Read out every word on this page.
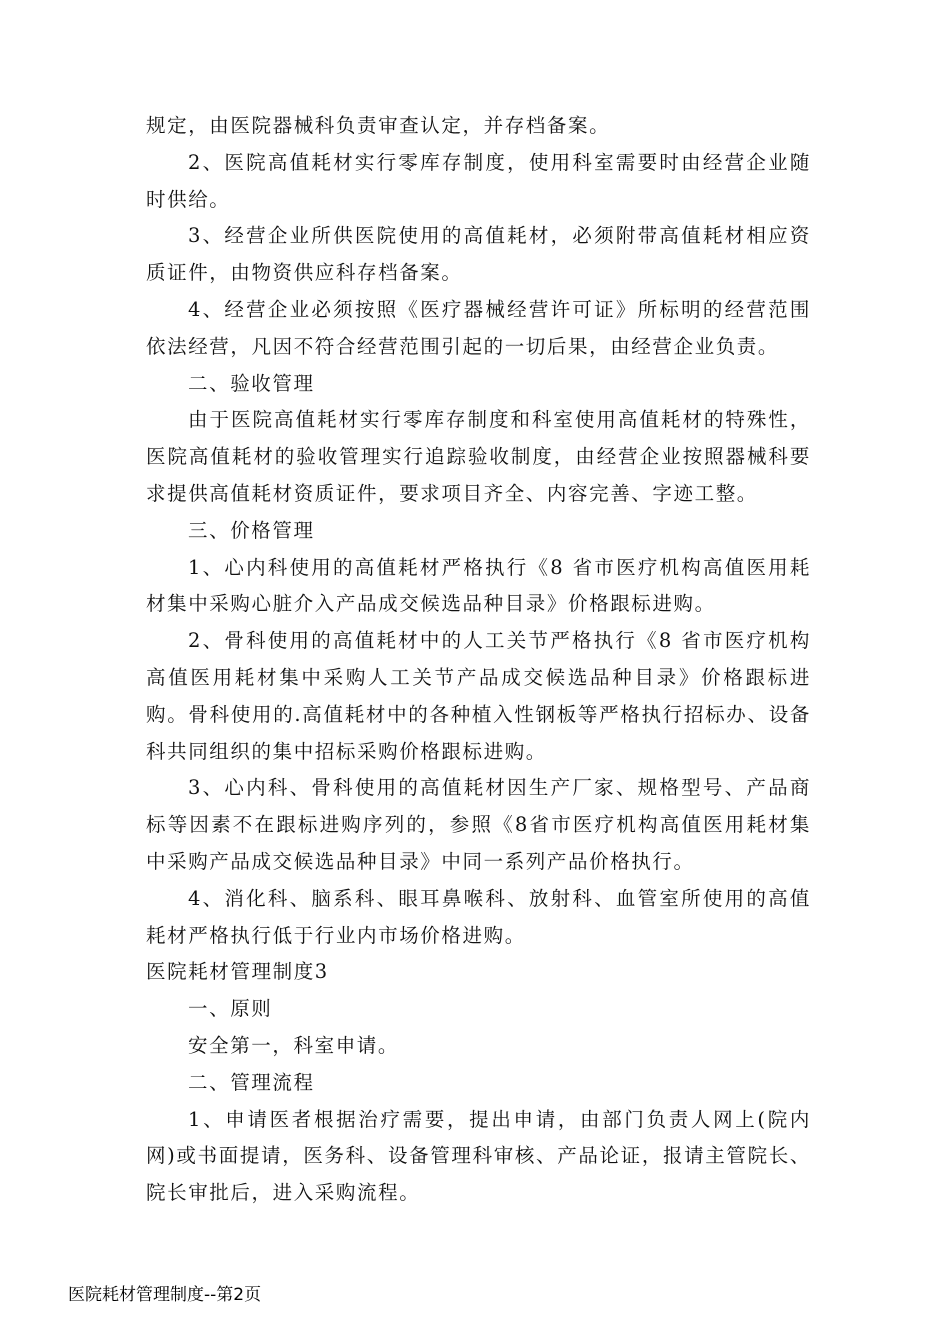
规定，由医院器械科负责审查认定，并存档备案。

2、医院高值耗材实行零库存制度，使用科室需要时由经营企业随时供给。

3、经营企业所供医院使用的高值耗材，必须附带高值耗材相应资质证件，由物资供应科存档备案。

4、经营企业必须按照《医疗器械经营许可证》所标明的经营范围依法经营，凡因不符合经营范围引起的一切后果，由经营企业负责。

二、验收管理

由于医院高值耗材实行零库存制度和科室使用高值耗材的特殊性，医院高值耗材的验收管理实行追踪验收制度，由经营企业按照器械科要求提供高值耗材资质证件，要求项目齐全、内容完善、字迹工整。

三、价格管理

1、心内科使用的高值耗材严格执行《8 省市医疗机构高值医用耗材集中采购心脏介入产品成交候选品种目录》价格跟标进购。

2、骨科使用的高值耗材中的人工关节严格执行《8 省市医疗机构高值医用耗材集中采购人工关节产品成交候选品种目录》价格跟标进购。骨科使用的.高值耗材中的各种植入性钢板等严格执行招标办、设备科共同组织的集中招标采购价格跟标进购。

3、心内科、骨科使用的高值耗材因生产厂家、规格型号、产品商标等因素不在跟标进购序列的，参照《8省市医疗机构高值医用耗材集中采购产品成交候选品种目录》中同一系列产品价格执行。

4、消化科、脑系科、眼耳鼻喉科、放射科、血管室所使用的高值耗材严格执行低于行业内市场价格进购。

医院耗材管理制度3

一、原则

安全第一，科室申请。

二、管理流程

1、申请医者根据治疗需要，提出申请，由部门负责人网上(院内网)或书面提请，医务科、设备管理科审核、产品论证，报请主管院长、院长审批后，进入采购流程。

医院耗材管理制度--第2页
